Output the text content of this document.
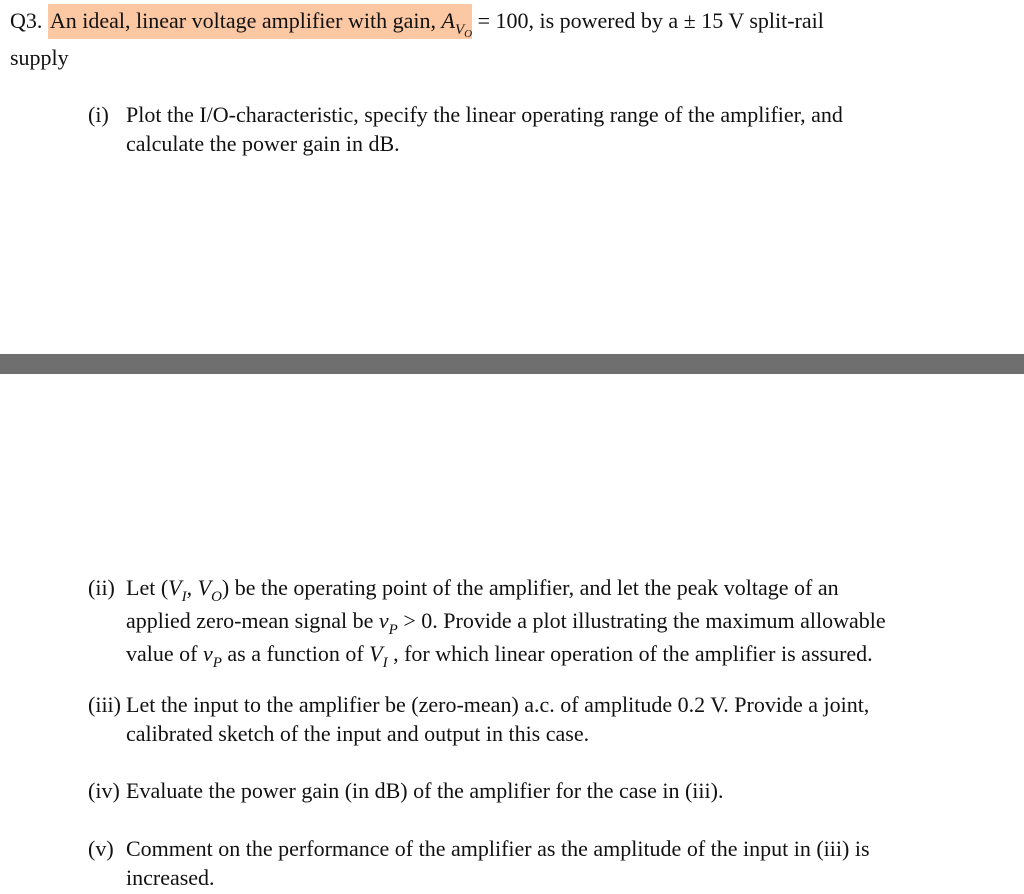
Q3. An ideal, linear voltage amplifier with gain, $A_{V_O} = 100$, is powered by a ± 15 V split-rail
supply
(i) Plot the I/O-characteristic, specify the linear operating range of the amplifier, and
calculate the power gain in dB.
(ii) Let ($V_I$, $V_O$) be the operating point of the amplifier, and let the peak voltage of an
applied zero-mean signal be $\nu_P > 0$. Provide a plot illustrating the maximum allowable
value of $\nu_P$ as a function of $V_I$ , for which linear operation of the amplifier is assured.
(iii) Let the input to the amplifier be (zero-mean) a.c. of amplitude 0.2 V. Provide a joint,
calibrated sketch of the input and output in this case.
(iv) Evaluate the power gain (in dB) of the amplifier for the case in (iii).
(v) Comment on the performance of the amplifier as the amplitude of the input in (iii) is
increased.
